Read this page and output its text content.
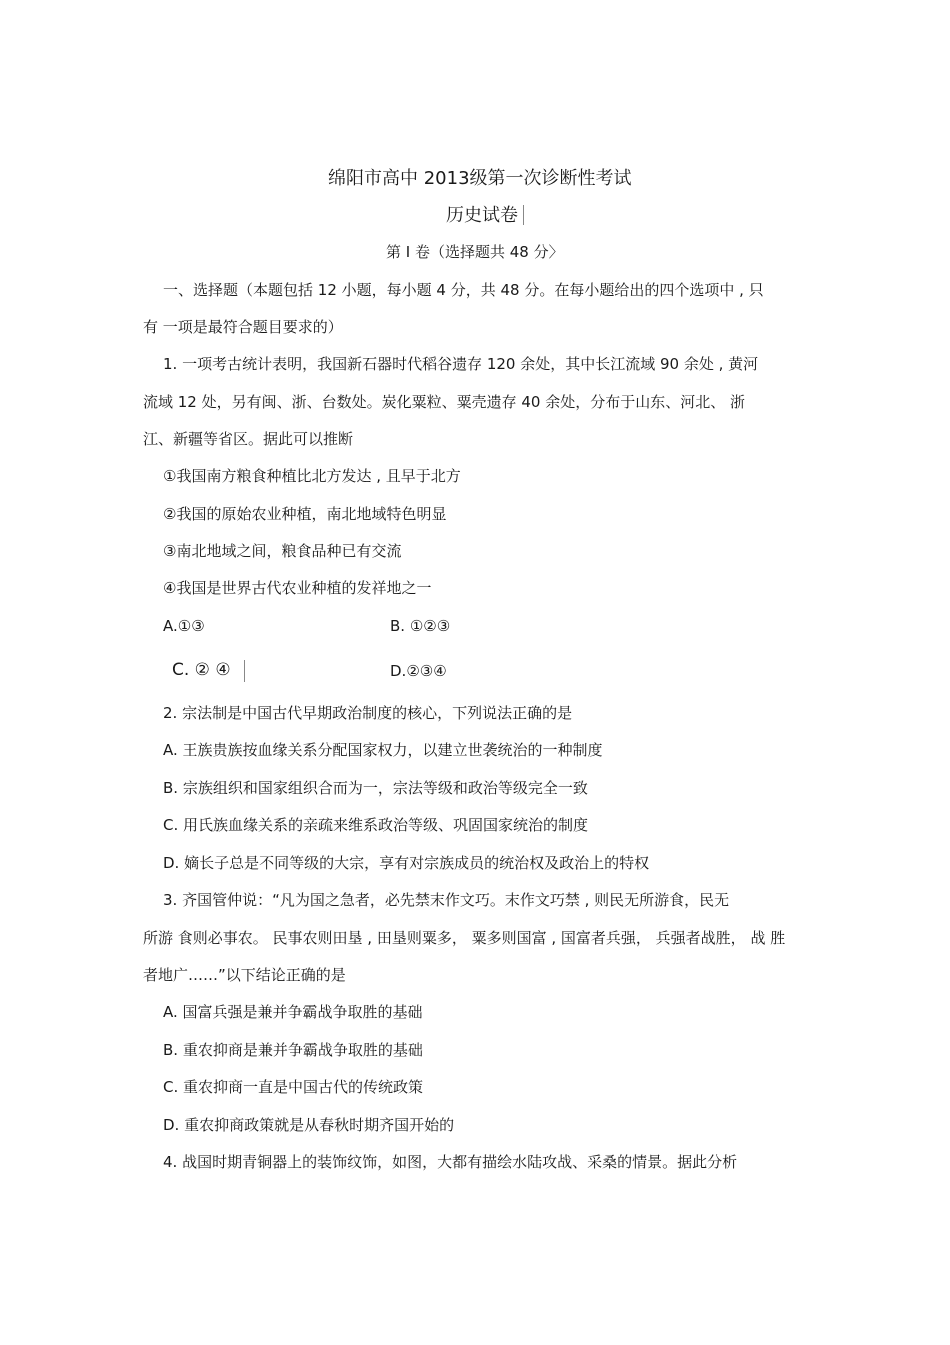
绵阳市高中 2013级第一次诊断性考试
历史试卷
第 I 卷（选择题共 48 分〉
一、选择题（本题包括 12 小题，每小题 4 分，共 48 分。在每小题给出的四个选项中 , 只
有 一项是最符合题目要求的）
1. 一项考古统计表明，我国新石器时代稻谷遗存 120 余处，其中长江流域 90 余处 , 黄河
流域 12 处，另有闽、浙、台数处。炭化粟粒、粟壳遗存 40 余处，分布于山东、河北、 浙
江、新疆等省区。据此可以推断
①我国南方粮食种植比北方发达 , 且早于北方
②我国的原始农业种植，南北地域特色明显
③南北地域之间，粮食品种已有交流
④我国是世界古代农业种植的发祥地之一
A.①③	B. ①②③
C. ② ④	D.②③④
2. 宗法制是中国古代早期政治制度的核心，下列说法正确的是
A. 王族贵族按血缘关系分配国家权力，以建立世袭统治的一种制度
B. 宗族组织和国家组织合而为一，宗法等级和政治等级完全一致
C. 用氏族血缘关系的亲疏来维系政治等级、巩固国家统治的制度
D. 嫡长子总是不同等级的大宗，享有对宗族成员的统治权及政治上的特权
3. 齐国管仲说：“凡为国之急者，必先禁末作文巧。末作文巧禁 , 则民无所游食，民无
所游 食则必事农。 民事农则田垦 , 田垦则粟多， 粟多则国富 , 国富者兵强， 兵强者战胜， 战 胜
者地广……”以下结论正确的是
A. 国富兵强是兼并争霸战争取胜的基础
B. 重农抑商是兼并争霸战争取胜的基础
C. 重农抑商一直是中国古代的传统政策
D. 重农抑商政策就是从春秋时期齐国开始的
4. 战国时期青铜器上的装饰纹饰，如图，大都有描绘水陆攻战、采桑的情景。据此分析
